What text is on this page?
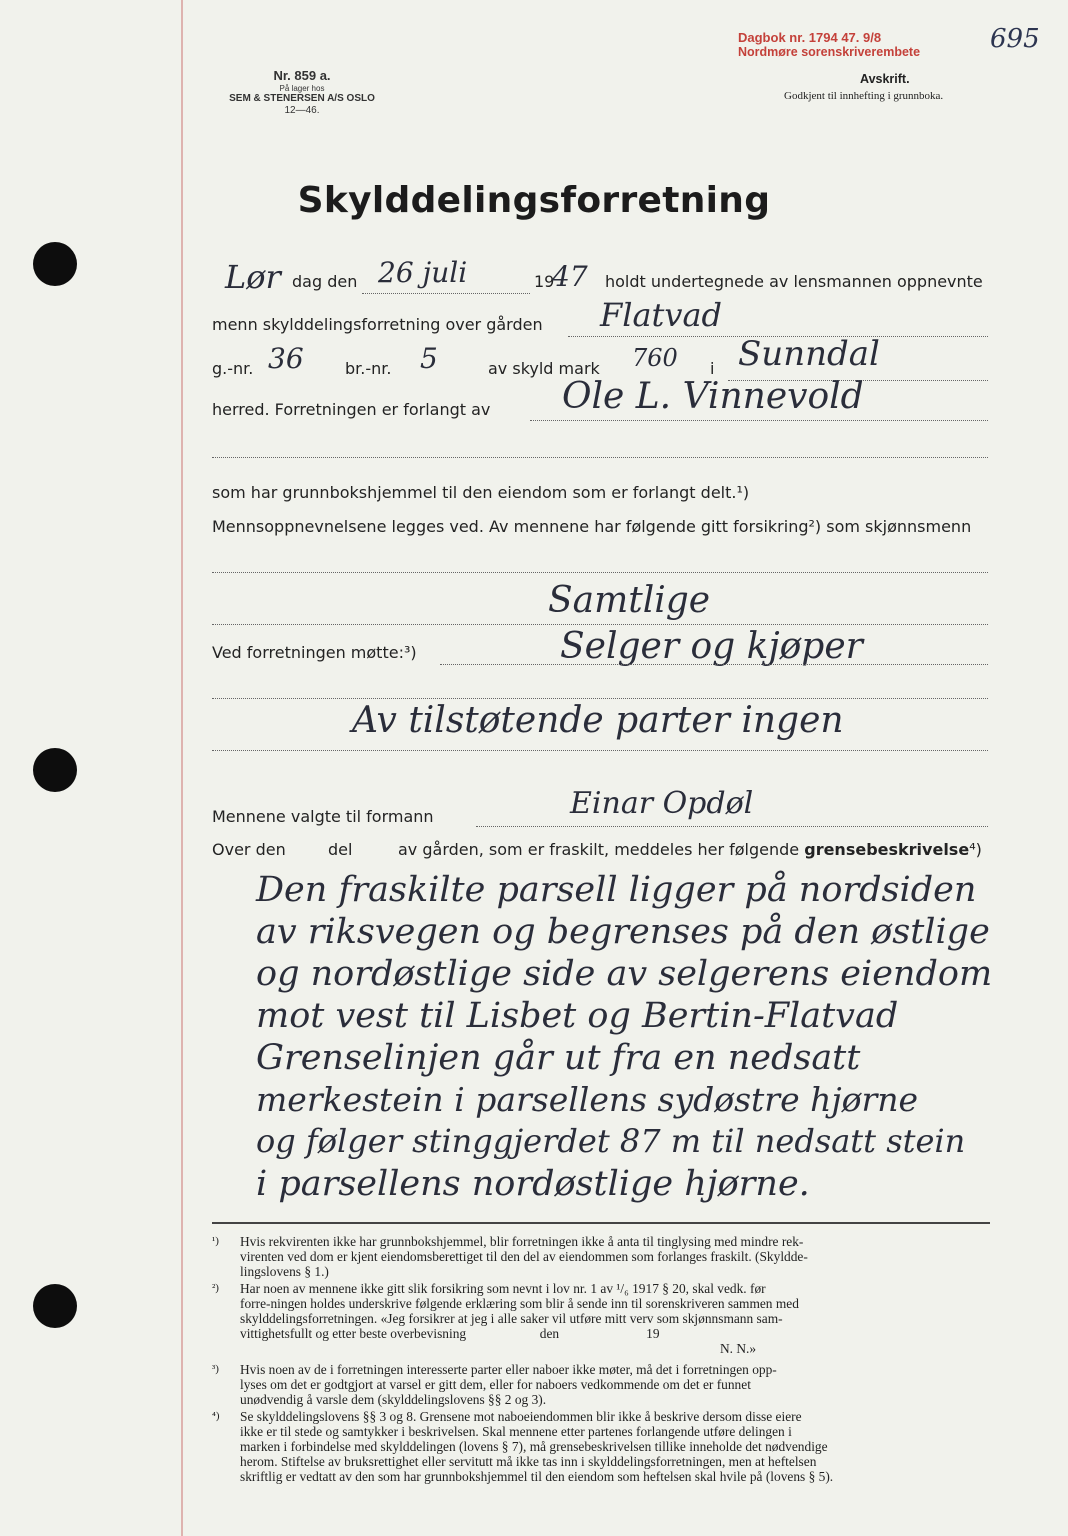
Nr. 859 a.
På lager hos
SEM & STENERSEN A/S OSLO
12—46.
Dagbok nr. 1794 47. 9/8
Nordmøre sorenskriverembete	695
Avskrift.
Godkjent til innhefting i grunnboka.
Skylddelingsforretning
Lør dag den 26 juli	19
47 holdt undertegnede av lensmannen oppnevnte
menn skylddelingsforretning over gården Flatvad
g.-nr. 36	br.-nr. 5	av skyld mark 760 i Sunndal
herred. Forretningen er forlangt av Ole L. Vinnevold
som har grunnbokshjemmel til den eiendom som er forlangt delt.¹)
Mennsoppnevnelsene legges ved. Av mennene har følgende gitt forsikring²) som skjønnsmenn
Samtlige
Ved forretningen møtte:³)	Selger og kjøper
Av tilstøtende parter ingen
Mennene valgte til formann	Einar Opdøl
Over den	del	av gården, som er fraskilt, meddeles her følgende grensebeskrivelse⁴)
Den fraskilte parsell ligger på nordsiden
av riksvegen og begrenses på den østlige
og nordøstlige side av selgerens eiendom
mot vest til Lisbet og Bertin-Flatvad
Grenselinjen går ut fra en nedsatt
merkestein i parsellens sydøstre hjørne
og følger stinggjerdet 87 m til nedsatt stein
i parsellens nordøstlige hjørne.
¹) Hvis rekvirenten ikke har grunnbokshjemmel, blir forretningen ikke å anta til tinglysing med mindre rek-
virenten ved dom er kjent eiendomsberettiget til den del av eiendommen som forlanges fraskilt. (Skyldde-
lingslovens § 1.)
²) Har noen av mennene ikke gitt slik forsikring som nevnt i lov nr. 1 av ¹/₆ 1917 § 20, skal vedk. før
forre-ningen holdes underskrive følgende erklæring som blir å sende inn til sorenskriveren sammen med
skylddelingsforretningen. «Jeg forsikrer at jeg i alle saker vil utføre mitt verv som skjønnsmann sam-
vittighetsfullt og etter beste overbevisning                      den                          19
N. N.»
³) Hvis noen av de i forretningen interesserte parter eller naboer ikke møter, må det i forretningen opp-
lyses om det er godtgjort at varsel er gitt dem, eller for naboers vedkommende om det er funnet
unødvendig å varsle dem (skylddelingslovens §§ 2 og 3).
⁴) Se skylddelingslovens §§ 3 og 8. Grensene mot naboeiendommen blir ikke å beskrive dersom disse eiere
ikke er til stede og samtykker i beskrivelsen. Skal mennene etter partenes forlangende utføre delingen i
marken i forbindelse med skylddelingen (lovens § 7), må grensebeskrivelsen tillike inneholde det nødvendige
herom. Stiftelse av bruksrettighet eller servitutt må ikke tas inn i skylddelingsforretningen, men at heftelsen
skriftlig er vedtatt av den som har grunnbokshjemmel til den eiendom som heftelsen skal hvile på (lovens § 5).
